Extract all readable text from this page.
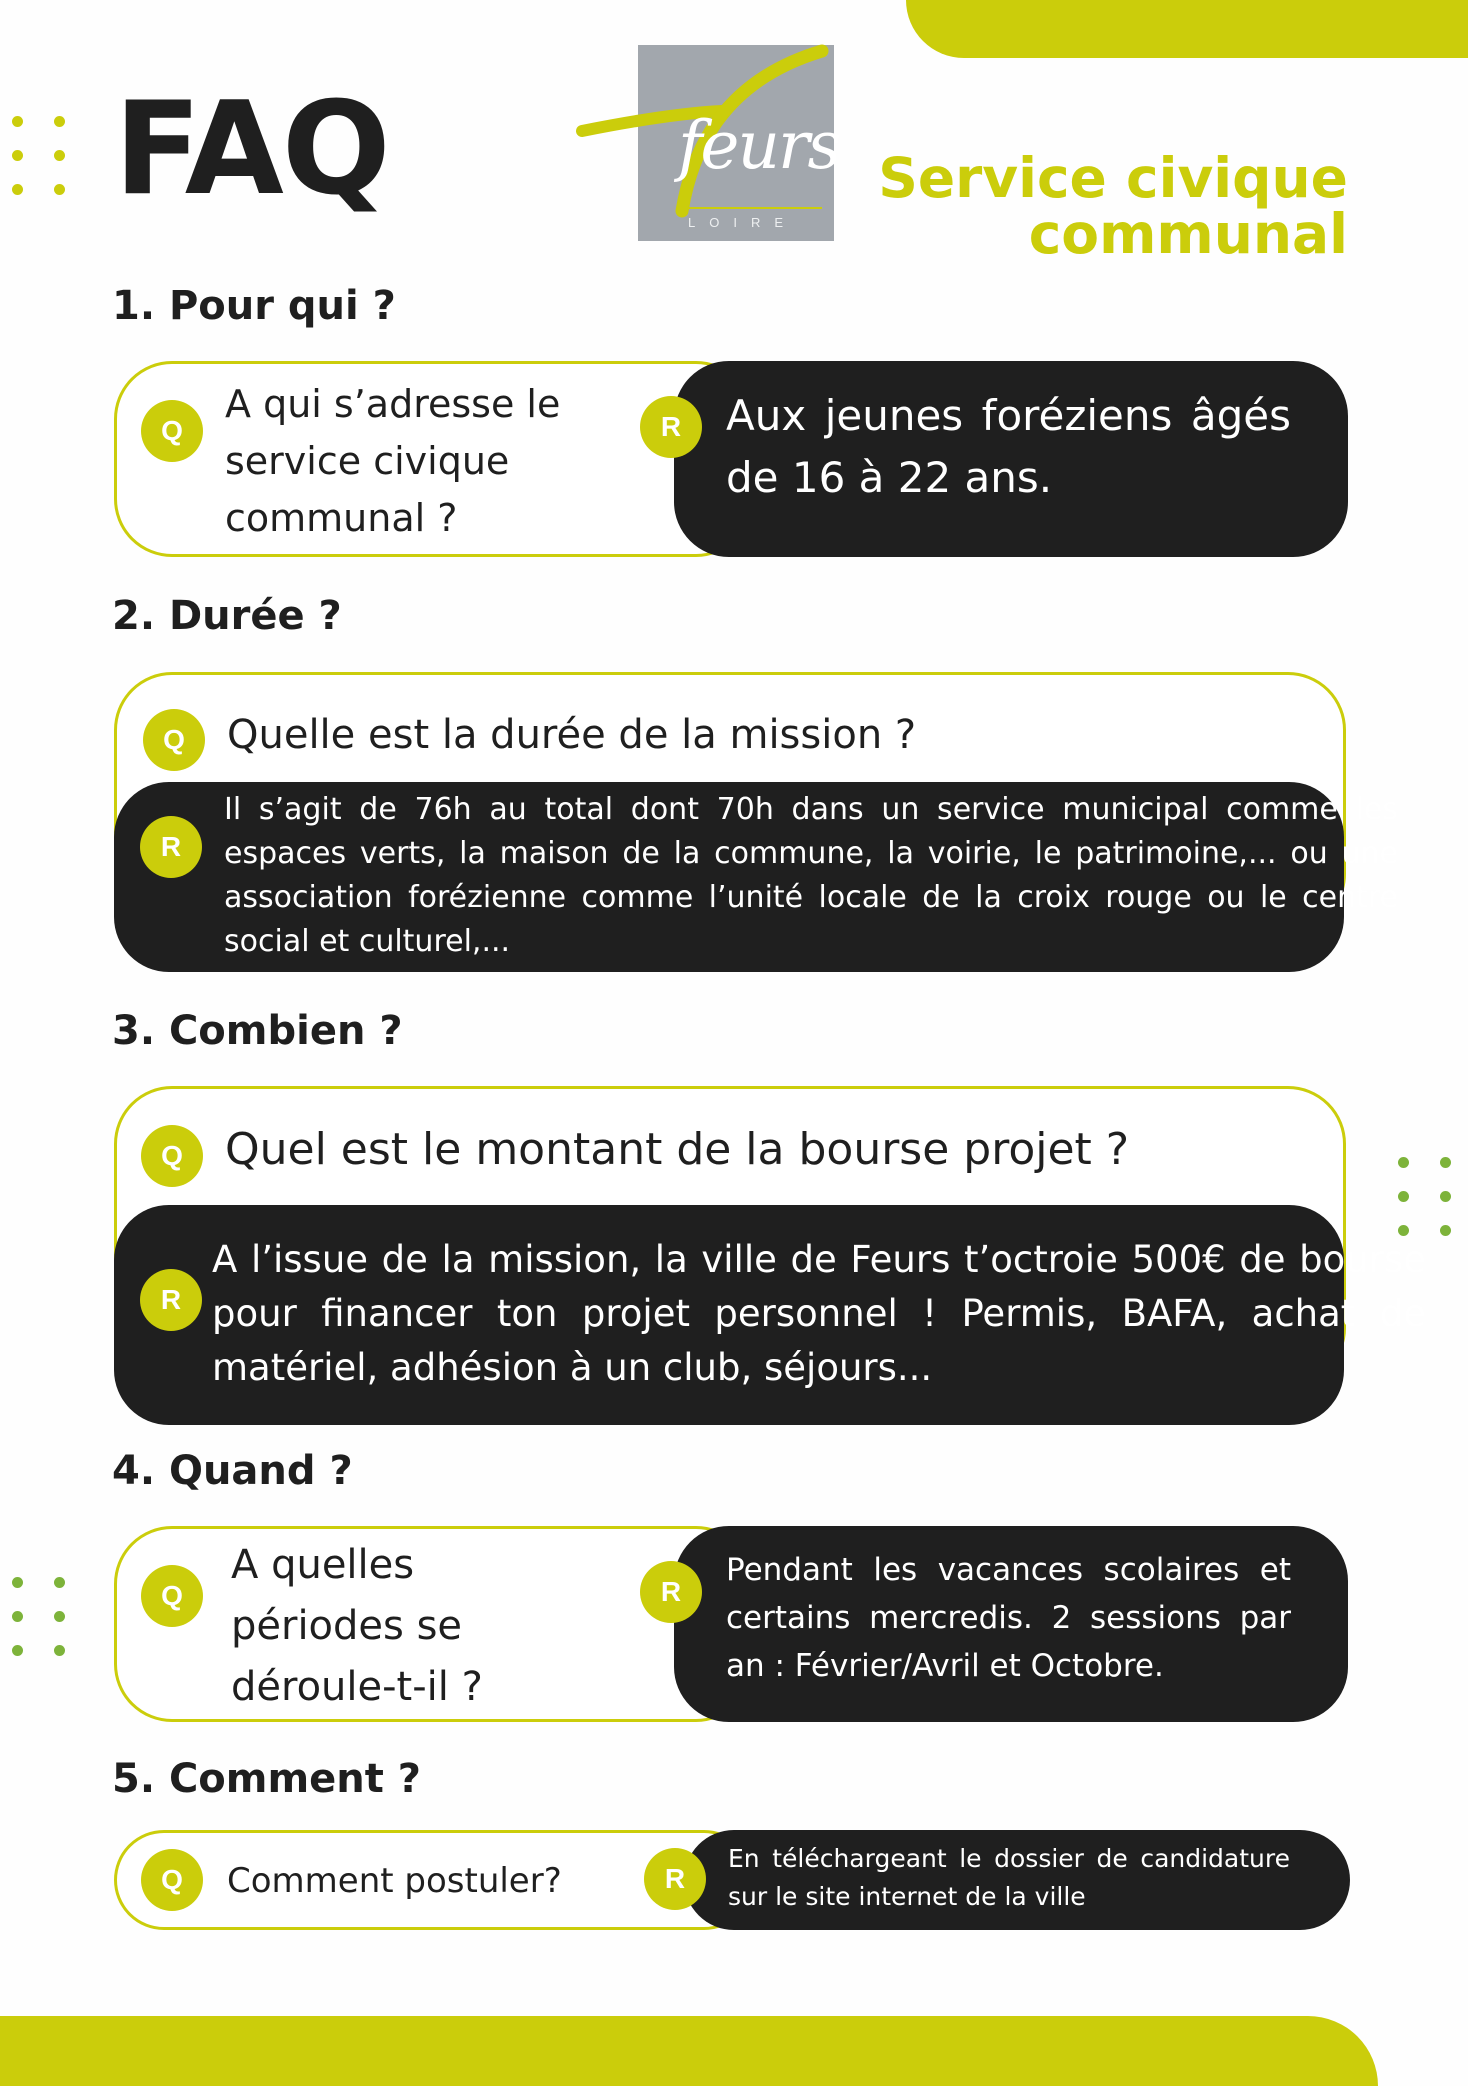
FAQ	feurs
LOIRE
Service civique
communal
1. Pour qui ?
Q
A qui s’adresse le service civique communal ?
Aux jeunes foréziens âgés de 16 à 22 ans.
R
2. Durée ?
Q	Quelle est la durée de la mission ?
R
Il s’agit de 76h au total dont 70h dans un service municipal comme les espaces verts, la maison de la commune, la voirie, le patrimoine,... ou une association forézienne comme l’unité locale de la croix rouge ou le centre social et culturel,...
3. Combien ?
Q Quel est le montant de la bourse projet ?
R
A l’issue de la mission, la ville de Feurs t’octroie 500€ de bourse pour financer ton projet personnel ! Permis, BAFA, achat de matériel, adhésion à un club, séjours...
4. Quand ?
Q
A quelles périodes se déroule-t-il ?
Pendant les vacances scolaires et certains mercredis. 2 sessions par an : Février/Avril et Octobre.
R
5. Comment ?
Q	Comment postuler?
En téléchargeant le dossier de candidature sur le site internet de la ville
R
